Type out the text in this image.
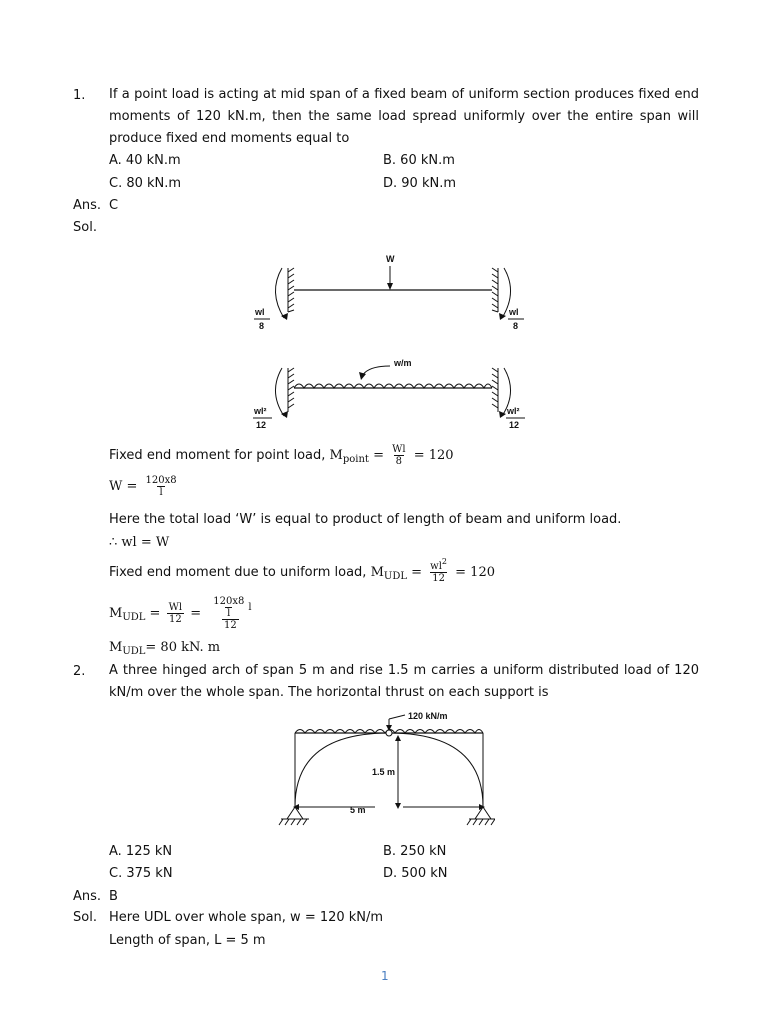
1. If a point load is acting at mid span of a fixed beam of uniform section produces fixed end moments of 120 kN.m, then the same load spread uniformly over the entire span will produce fixed end moments equal to
A. 40 kN.m	B. 60 kN.m
C. 80 kN.m	D. 90 kN.m
Ans. C
Sol.
W
wl
8
wl
8
w/m
wl²
12
wl²
12
Fixed end moment for point load, $M_{point} = \frac{Wl}{8} = 120$
$W = \frac{120x8}{l}$
Here the total load ‘W’ is equal to product of length of beam and uniform load.
∴ wl = W
Fixed end moment due to uniform load, $M_{UDL} = \frac{wl^2}{12} = 120$
$M_{UDL} = \frac{Wl}{12} = \frac{\frac{120x8}{l} l}{12}$
$M_{UDL}= 80$ kN. m
2. A three hinged arch of span 5 m and rise 1.5 m carries a uniform distributed load of 120 kN/m over the whole span. The horizontal thrust on each support is
120 kN/m
1.5 m
5 m
A. 125 kN	B. 250 kN
C. 375 kN	D. 500 kN
Ans. B
Sol. Here UDL over whole span, w = 120 kN/m
Length of span, L = 5 m
1
